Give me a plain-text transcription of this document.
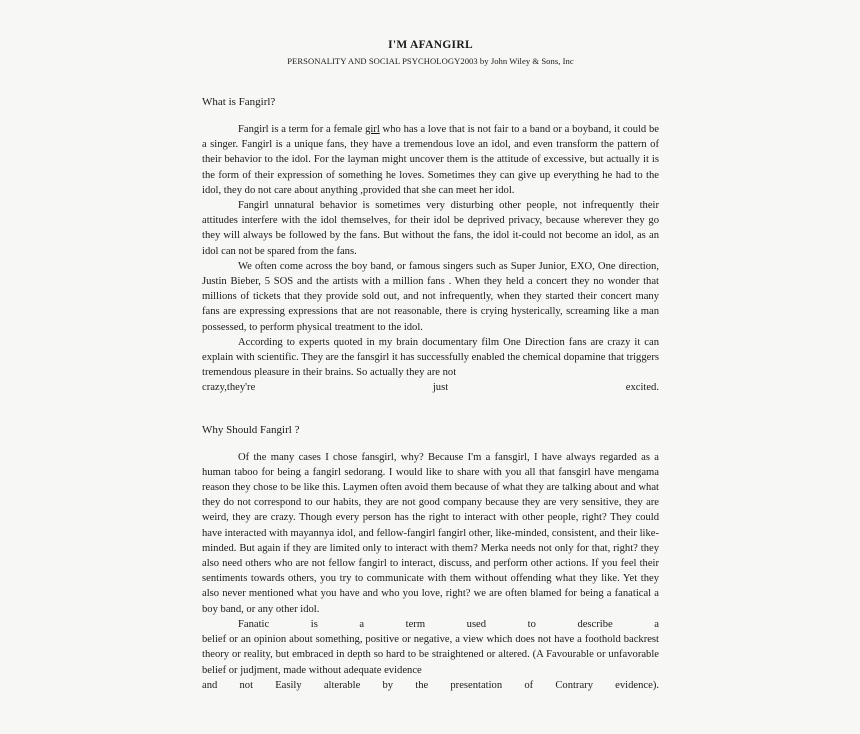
I'M AFANGIRL
PERSONALITY AND SOCIAL PSYCHOLOGY2003 by John Wiley & Sons, Inc
What is Fangirl?

Fangirl is a term for a female girl who has a love that is not fair to a band or a boyband, it could be a singer. Fangirl is a unique fans, they have a tremendous love an idol, and even transform the pattern of their behavior to the idol. For the layman might uncover them is the attitude of excessive, but actually it is the form of their expression of something he loves. Sometimes they can give up everything he had to the idol, they do not care about anything ,provided that she can meet her idol.

Fangirl unnatural behavior is sometimes very disturbing other people, not infrequently their attitudes interfere with the idol themselves, for their idol be deprived privacy, because wherever they go they will always be followed by the fans. But without the fans, the idol it-could not become an idol, as an idol can not be spared from the fans.

We often come across the boy band, or famous singers such as Super Junior, EXO, One direction, Justin Bieber, 5 SOS and the artists with a million fans . When they held a concert they no wonder that millions of tickets that they provide sold out, and not infrequently, when they started their concert many fans are expressing expressions that are not reasonable, there is crying hysterically, screaming like a man possessed, to perform physical treatment to the idol.

According to experts quoted in my brain documentary film One Direction fans are crazy it can explain with scientific. They are the fansgirl it has successfully enabled the chemical dopamine that triggers tremendous pleasure in their brains. So actually they are not

crazy,they're	just	excited.
Why Should Fangirl ?

Of the many cases I chose fansgirl, why? Because I'm a fansgirl, I have always regarded as a human taboo for being a fangirl sedorang. I would like to share with you all that fansgirl have mengama reason they chose to be like this. Laymen often avoid them because of what they are talking about and what they do not correspond to our habits, they are not good company because they are very sensitive, they are weird, they are crazy. Though every person has the right to interact with other people, right? They could have interacted with mayannya idol, and fellow-fangirl fangirl other, like-minded, consistent, and their like-minded. But again if they are limited only to interact with them? Merka needs not only for that, right? they also need others who are not fellow fangirl to interact, discuss, and perform other actions. If you feel their sentiments towards others, you try to communicate with them without offending what they like. Yet they also never mentioned what you have and who you love, right? we are often blamed for being a fanatical a boy band, or any other idol.

Fanatic	is	a	term	used	to	describe	a

belief or an opinion about something, positive or negative, a view which does not have a foothold backrest theory or reality, but embraced in depth so hard to be straightened or altered. (A Favourable or unfavorable belief or judjment, made without adequate evidence

and not Easily alterable by the presentation of Contrary evidence).
